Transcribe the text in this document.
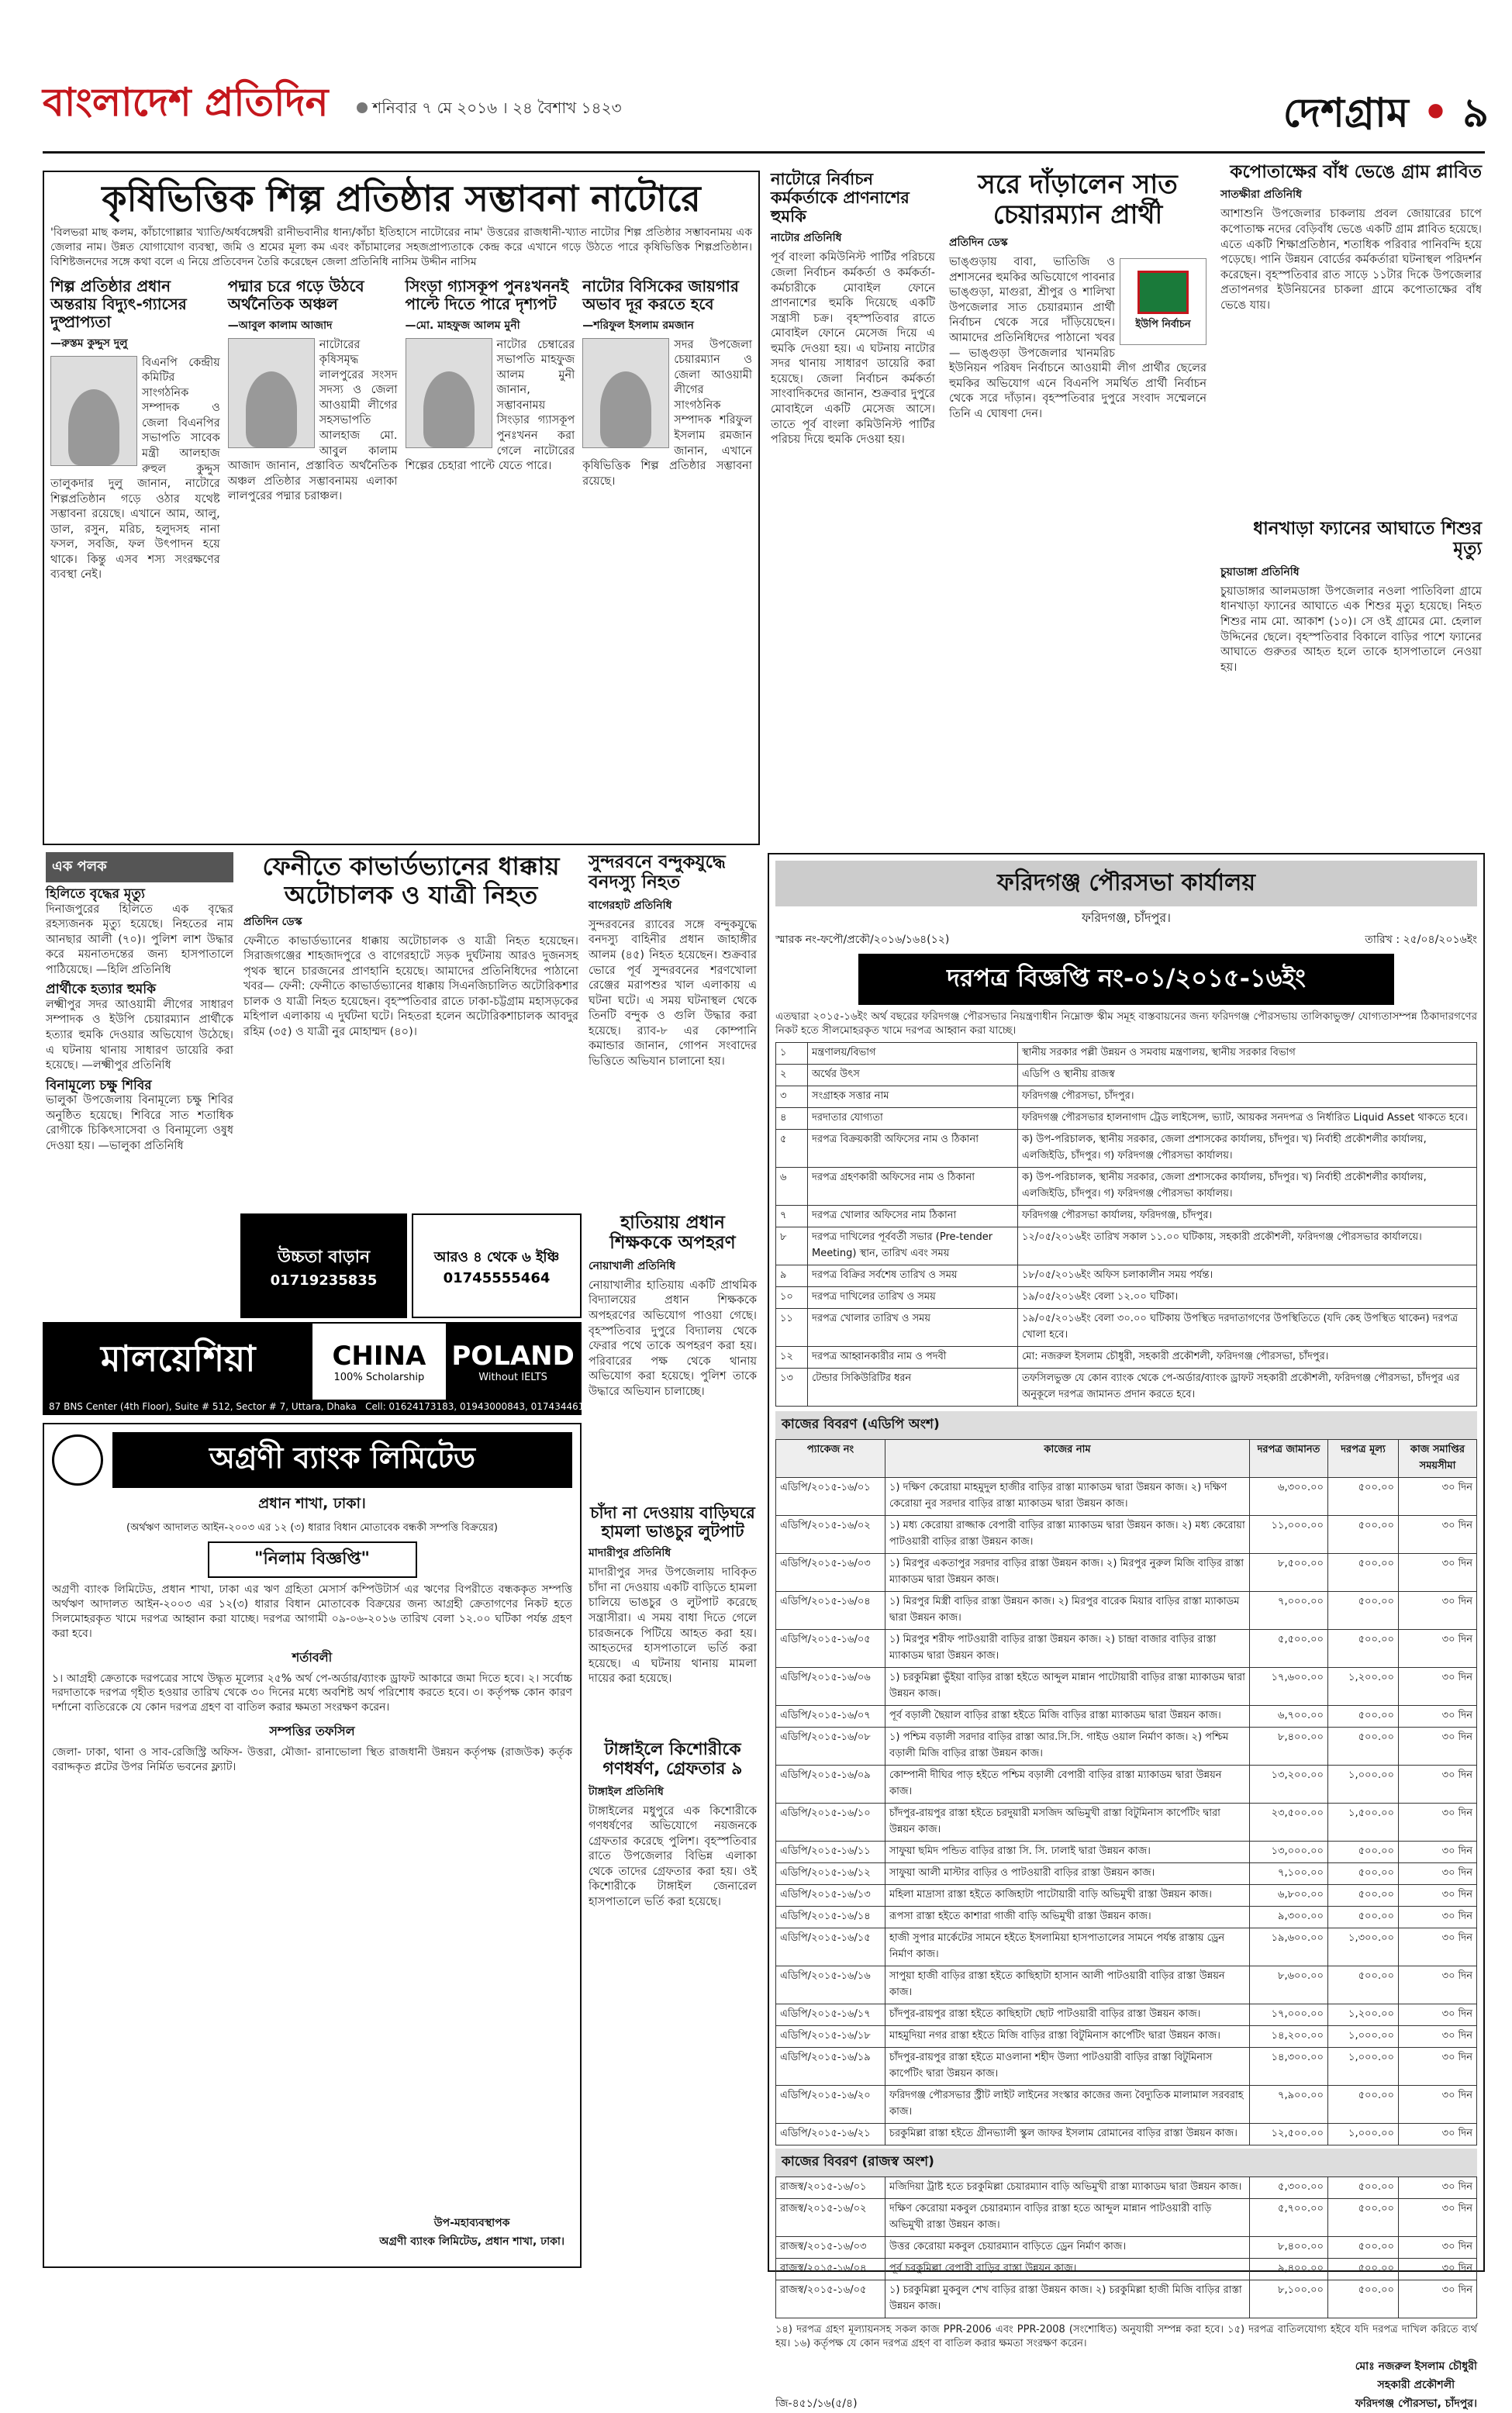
বাংলাদেশ প্রতিদিন	শনিবার ৭ মে ২০১৬ । ২৪ বৈশাখ ১৪২৩	দেশগ্রাম • ৯
কৃষিভিত্তিক শিল্প প্রতিষ্ঠার সম্ভাবনা নাটোরে
'বিলভরা মাছ কলম, কাঁচাগোল্লার খ্যাতি/অর্ধবঙ্গেশ্বরী রানীভবানীর ধান্য/কাঁচা ইতিহাসে নাটোরের নাম' উত্তরের রাজধানী-খ্যাত নাটোর শিল্প প্রতিষ্ঠার সম্ভাবনাময় এক জেলার নাম। উন্নত যোগাযোগ ব্যবস্থা, জমি ও শ্রমের মূল্য কম এবং কাঁচামালের সহজপ্রাপ্যতাকে কেন্দ্র করে এখানে গড়ে উঠতে পারে কৃষিভিত্তিক শিল্পপ্রতিষ্ঠান। বিশিষ্টজনদের সঙ্গে কথা বলে এ নিয়ে প্রতিবেদন তৈরি করেছেন জেলা প্রতিনিধি নাসিম উদ্দীন নাসিম
শিল্প প্রতিষ্ঠার প্রধান অন্তরায় বিদ্যুৎ-গ্যাসের দুষ্প্রাপ্যতা
—রুস্তম কুদ্দুস দুলু
বিএনপি কেন্দ্রীয় কমিটির সাংগঠনিক সম্পাদক ও জেলা বিএনপির সভাপতি সাবেক মন্ত্রী আলহাজ রুহুল কুদ্দুস তালুকদার দুলু জানান, নাটোরে শিল্পপ্রতিষ্ঠান গড়ে ওঠার যথেষ্ট সম্ভাবনা রয়েছে। এখানে আম, আলু, ডাল, রসুন, মরিচ, হলুদসহ নানা ফসল, সবজি, ফল উৎপাদন হয়ে থাকে। কিন্তু এসব শস্য সংরক্ষণের ব্যবস্থা নেই।
পদ্মার চরে গড়ে উঠবে অর্থনৈতিক অঞ্চল
—আবুল কালাম আজাদ
নাটোরের কৃষিসমৃদ্ধ লালপুরের সংসদ সদস্য ও জেলা আওয়ামী লীগের সহসভাপতি আলহাজ মো. আবুল কালাম আজাদ জানান, প্রস্তাবিত অর্থনৈতিক অঞ্চল প্রতিষ্ঠার সম্ভাবনাময় এলাকা লালপুরের পদ্মার চরাঞ্চল।
সিংড়া গ্যাসকূপ পুনঃখননই পাল্টে দিতে পারে দৃশ্যপট
—মো. মাহফুজ আলম মুনী
নাটোর চেম্বারের সভাপতি মাহফুজ আলম মুনী জানান, সম্ভাবনাময় সিংড়ার গ্যাসকূপ পুনঃখনন করা গেলে নাটোরের শিল্পের চেহারা পাল্টে যেতে পারে।
নাটোর বিসিকের জায়গার অভাব দূর করতে হবে
—শরিফুল ইসলাম রমজান
সদর উপজেলা চেয়ারম্যান ও জেলা আওয়ামী লীগের সাংগঠনিক সম্পাদক শরিফুল ইসলাম রমজান জানান, এখানে কৃষিভিত্তিক শিল্প প্রতিষ্ঠার সম্ভাবনা রয়েছে।
নাটোরে নির্বাচন কর্মকর্তাকে প্রাণনাশের হুমকি
নাটোর প্রতিনিধি
পূর্ব বাংলা কমিউনিস্ট পার্টির পরিচয়ে জেলা নির্বাচন কর্মকর্তা ও কর্মকর্তা-কর্মচারীকে মোবাইল ফোনে প্রাণনাশের হুমকি দিয়েছে একটি সন্ত্রাসী চক্র। বৃহস্পতিবার রাতে মোবাইল ফোনে মেসেজ দিয়ে এ হুমকি দেওয়া হয়। এ ঘটনায় নাটোর সদর থানায় সাধারণ ডায়েরি করা হয়েছে। জেলা নির্বাচন কর্মকর্তা সাংবাদিকদের জানান, শুক্রবার দুপুরে মোবাইলে একটি মেসেজ আসে। তাতে পূর্ব বাংলা কমিউনিস্ট পার্টির পরিচয় দিয়ে হুমকি দেওয়া হয়।
সরে দাঁড়ালেন সাত চেয়ারম্যান প্রার্থী
প্রতিদিন ডেস্ক
ইউপি নির্বাচন
ভাঙ্গুড়ায় বাবা, ভাতিজি ও প্রশাসনের হুমকির অভিযোগে পাবনার ভাঙ্গুড়া, মাগুরা, শ্রীপুর ও শালিখা উপজেলার সাত চেয়ারম্যান প্রার্থী নির্বাচন থেকে সরে দাঁড়িয়েছেন। আমাদের প্রতিনিধিদের পাঠানো খবর— ভাঙ্গুড়া উপজেলার খানমরিচ ইউনিয়ন পরিষদ নির্বাচনে আওয়ামী লীগ প্রার্থীর ছেলের হুমকির অভিযোগ এনে বিএনপি সমর্থিত প্রার্থী নির্বাচন থেকে সরে দাঁড়ান। বৃহস্পতিবার দুপুরে সংবাদ সম্মেলনে তিনি এ ঘোষণা দেন।
কপোতাক্ষের বাঁধ ভেঙে গ্রাম প্লাবিত
সাতক্ষীরা প্রতিনিধি
আশাশুনি উপজেলার চাকলায় প্রবল জোয়ারের চাপে কপোতাক্ষ নদের বেড়িবাঁধ ভেঙে একটি গ্রাম প্লাবিত হয়েছে। এতে একটি শিক্ষাপ্রতিষ্ঠান, শতাধিক পরিবার পানিবন্দি হয়ে পড়েছে। পানি উন্নয়ন বোর্ডের কর্মকর্তারা ঘটনাস্থল পরিদর্শন করেছেন। বৃহস্পতিবার রাত সাড়ে ১১টার দিকে উপজেলার প্রতাপনগর ইউনিয়নের চাকলা গ্রামে কপোতাক্ষের বাঁধ ভেঙে যায়।
ধানখাড়া ফ্যানের আঘাতে শিশুর মৃত্যু
চুয়াডাঙ্গা প্রতিনিধি
চুয়াডাঙ্গার আলমডাঙ্গা উপজেলার নওলা পাতিবিলা গ্রামে ধানখাড়া ফ্যানের আঘাতে এক শিশুর মৃত্যু হয়েছে। নিহত শিশুর নাম মো. আকাশ (১০)। সে ওই গ্রামের মো. হেলাল উদ্দিনের ছেলে। বৃহস্পতিবার বিকালে বাড়ির পাশে ফ্যানের আঘাতে গুরুতর আহত হলে তাকে হাসপাতালে নেওয়া হয়।
এক পলক
হিলিতে বৃদ্ধের মৃত্যু
দিনাজপুরের হিলিতে এক বৃদ্ধের রহস্যজনক মৃত্যু হয়েছে। নিহতের নাম আনছার আলী (৭০)। পুলিশ লাশ উদ্ধার করে ময়নাতদন্তের জন্য হাসপাতালে পাঠিয়েছে। —হিলি প্রতিনিধি
প্রার্থীকে হত্যার হুমকি
লক্ষ্মীপুর সদর আওয়ামী লীগের সাধারণ সম্পাদক ও ইউপি চেয়ারম্যান প্রার্থীকে হত্যার হুমকি দেওয়ার অভিযোগ উঠেছে। এ ঘটনায় থানায় সাধারণ ডায়েরি করা হয়েছে। —লক্ষ্মীপুর প্রতিনিধি
বিনামূল্যে চক্ষু শিবির
ভালুকা উপজেলায় বিনামূল্যে চক্ষু শিবির অনুষ্ঠিত হয়েছে। শিবিরে সাত শতাধিক রোগীকে চিকিৎসাসেবা ও বিনামূল্যে ওষুধ দেওয়া হয়। —ভালুকা প্রতিনিধি
ফেনীতে কাভার্ডভ্যানের ধাক্কায় অটোচালক ও যাত্রী নিহত
প্রতিদিন ডেস্ক
ফেনীতে কাভার্ডভ্যানের ধাক্কায় অটোচালক ও যাত্রী নিহত হয়েছেন। সিরাজগঞ্জের শাহজাদপুরে ও বাগেরহাটে সড়ক দুর্ঘটনায় আরও দুজনসহ পৃথক স্থানে চারজনের প্রাণহানি হয়েছে। আমাদের প্রতিনিধিদের পাঠানো খবর— ফেনী: ফেনীতে কাভার্ডভ্যানের ধাক্কায় সিএনজিচালিত অটোরিকশার চালক ও যাত্রী নিহত হয়েছেন। বৃহস্পতিবার রাতে ঢাকা-চট্টগ্রাম মহাসড়কের মহিপাল এলাকায় এ দুর্ঘটনা ঘটে। নিহতরা হলেন অটোরিকশাচালক আবদুর রহিম (৩৫) ও যাত্রী নুর মোহাম্মদ (৪০)।
সুন্দরবনে বন্দুকযুদ্ধে বনদস্যু নিহত
বাগেরহাট প্রতিনিধি
সুন্দরবনের র‌্যাবের সঙ্গে বন্দুকযুদ্ধে বনদস্যু বাহিনীর প্রধান জাহাঙ্গীর আলম (৪৫) নিহত হয়েছেন। শুক্রবার ভোরে পূর্ব সুন্দরবনের শরণখোলা রেঞ্জের মরাপশুর খাল এলাকায় এ ঘটনা ঘটে। এ সময় ঘটনাস্থল থেকে তিনটি বন্দুক ও গুলি উদ্ধার করা হয়েছে। র‌্যাব-৮ এর কোম্পানি কমান্ডার জানান, গোপন সংবাদের ভিত্তিতে অভিযান চালানো হয়।
উচ্চতা বাড়ান
01719235835
আরও ৪ থেকে ৬ ইঞ্চি
01745555464
হাতিয়ায় প্রধান শিক্ষককে অপহরণ
নোয়াখালী প্রতিনিধি
নোয়াখালীর হাতিয়ায় একটি প্রাথমিক বিদ্যালয়ের প্রধান শিক্ষককে অপহরণের অভিযোগ পাওয়া গেছে। বৃহস্পতিবার দুপুরে বিদ্যালয় থেকে ফেরার পথে তাকে অপহরণ করা হয়। পরিবারের পক্ষ থেকে থানায় অভিযোগ করা হয়েছে। পুলিশ তাকে উদ্ধারে অভিযান চালাচ্ছে।
মালয়েশিয়া	CHINA
100% Scholarship
POLAND
Without IELTS
87 BNS Center (4th Floor), Suite # 512, Sector # 7, Uttara, Dhaka Cell: 01624173183, 01943000843, 01743446123
অগ্রণী ব্যাংক লিমিটেড
প্রধান শাখা, ঢাকা।
(অর্থঋণ আদালত আইন-২০০৩ এর ১২ (৩) ধারার বিধান মোতাবেক বন্ধকী সম্পত্তি বিক্রয়ের)
"নিলাম বিজ্ঞপ্তি"
অগ্রণী ব্যাংক লিমিটেড, প্রধান শাখা, ঢাকা এর ঋণ গ্রহিতা মেসার্স কম্পিউটার্স এর ঋণের বিপরীতে বন্ধককৃত সম্পত্তি অর্থঋণ আদালত আইন-২০০৩ এর ১২(৩) ধারার বিধান মোতাবেক বিক্রয়ের জন্য আগ্রহী ক্রেতাগণের নিকট হতে সিলমোহরকৃত খামে দরপত্র আহ্বান করা যাচ্ছে। দরপত্র আগামী ০৯-০৬-২০১৬ তারিখ বেলা ১২.০০ ঘটিকা পর্যন্ত গ্রহণ করা হবে।
শর্তাবলী
১। আগ্রহী ক্রেতাকে দরপত্রের সাথে উদ্ধৃত মূল্যের ২৫% অর্থ পে-অর্ডার/ব্যাংক ড্রাফট আকারে জমা দিতে হবে। ২। সর্বোচ্চ দরদাতাকে দরপত্র গৃহীত হওয়ার তারিখ থেকে ৩০ দিনের মধ্যে অবশিষ্ট অর্থ পরিশোধ করতে হবে। ৩। কর্তৃপক্ষ কোন কারণ দর্শানো ব্যতিরেকে যে কোন দরপত্র গ্রহণ বা বাতিল করার ক্ষমতা সংরক্ষণ করেন।
সম্পত্তির তফসিল
জেলা- ঢাকা, থানা ও সাব-রেজিস্ট্রি অফিস- উত্তরা, মৌজা- রানাভোলা স্থিত রাজধানী উন্নয়ন কর্তৃপক্ষ (রাজউক) কর্তৃক বরাদ্দকৃত প্লটের উপর নির্মিত ভবনের ফ্ল্যাট।
উপ-মহাব্যবস্থাপক
অগ্রণী ব্যাংক লিমিটেড, প্রধান শাখা, ঢাকা।
চাঁদা না দেওয়ায় বাড়িঘরে হামলা ভাঙচুর লুটপাট
মাদারীপুর প্রতিনিধি
মাদারীপুর সদর উপজেলায় দাবিকৃত চাঁদা না দেওয়ায় একটি বাড়িতে হামলা চালিয়ে ভাঙচুর ও লুটপাট করেছে সন্ত্রাসীরা। এ সময় বাধা দিতে গেলে চারজনকে পিটিয়ে আহত করা হয়। আহতদের হাসপাতালে ভর্তি করা হয়েছে। এ ঘটনায় থানায় মামলা দায়ের করা হয়েছে।
টাঙ্গাইলে কিশোরীকে গণধর্ষণ, গ্রেফতার ৯
টাঙ্গাইল প্রতিনিধি
টাঙ্গাইলের মধুপুরে এক কিশোরীকে গণধর্ষণের অভিযোগে নয়জনকে গ্রেফতার করেছে পুলিশ। বৃহস্পতিবার রাতে উপজেলার বিভিন্ন এলাকা থেকে তাদের গ্রেফতার করা হয়। ওই কিশোরীকে টাঙ্গাইল জেনারেল হাসপাতালে ভর্তি করা হয়েছে।
ফরিদগঞ্জ পৌরসভা কার্যালয়
ফরিদগঞ্জ, চাঁদপুর।
স্মারক নং-ফপৌ/প্রকৌ/২০১৬/১৬৪(১২)	তারিখ : ২৫/০৪/২০১৬ইং
দরপত্র বিজ্ঞপ্তি নং-০১/২০১৫-১৬ইং
এতদ্বারা ২০১৫-১৬ইং অর্থ বছরের ফরিদগঞ্জ পৌরসভার নিয়ন্ত্রণাধীন নিম্নোক্ত স্কীম সমূহ বাস্তবায়নের জন্য ফরিদগঞ্জ পৌরসভায় তালিকাভুক্ত/ যোগ্যতাসম্পন্ন ঠিকাদারগণের নিকট হতে সীলমোহরকৃত খামে দরপত্র আহ্বান করা যাচ্ছে।
১	মন্ত্রণালয়/বিভাগ	স্থানীয় সরকার পল্লী উন্নয়ন ও সমবায় মন্ত্রণালয়, স্থানীয় সরকার বিভাগ
২	অর্থের উৎস	এডিপি ও স্থানীয় রাজস্ব
৩	সংগ্রাহক সত্তার নাম	ফরিদগঞ্জ পৌরসভা, চাঁদপুর।
৪	দরদাতার যোগ্যতা	ফরিদগঞ্জ পৌরসভার হালনাগাদ ট্রেড লাইসেন্স, ভ্যাট, আয়কর সনদপত্র ও নির্ধারিত Liquid Asset থাকতে হবে।
৫	দরপত্র বিক্রয়কারী অফিসের নাম ও ঠিকানা	ক) উপ-পরিচালক, স্থানীয় সরকার, জেলা প্রশাসকের কার্যালয়, চাঁদপুর। খ) নির্বাহী প্রকৌশলীর কার্যালয়, এলজিইডি, চাঁদপুর। গ) ফরিদগঞ্জ পৌরসভা কার্যালয়।
৬	দরপত্র গ্রহণকারী অফিসের নাম ও ঠিকানা	ক) উপ-পরিচালক, স্থানীয় সরকার, জেলা প্রশাসকের কার্যালয়, চাঁদপুর। খ) নির্বাহী প্রকৌশলীর কার্যালয়, এলজিইডি, চাঁদপুর। গ) ফরিদগঞ্জ পৌরসভা কার্যালয়।
৭	দরপত্র খোলার অফিসের নাম ঠিকানা	ফরিদগঞ্জ পৌরসভা কার্যালয়, ফরিদগঞ্জ, চাঁদপুর।
৮	দরপত্র দাখিলের পূর্ববর্তী সভার (Pre-tender Meeting) স্থান, তারিখ এবং সময়	১২/০৫/২০১৬ইং তারিখ সকাল ১১.০০ ঘটিকায়, সহকারী প্রকৌশলী, ফরিদগঞ্জ পৌরসভার কার্যালয়ে।
৯	দরপত্র বিক্রির সর্বশেষ তারিখ ও সময়	১৮/০৫/২০১৬ইং অফিস চলাকালীন সময় পর্যন্ত।
১০	দরপত্র দাখিলের তারিখ ও সময়	১৯/০৫/২০১৬ইং বেলা ১২.০০ ঘটিকা।
১১	দরপত্র খোলার তারিখ ও সময়	১৯/০৫/২০১৬ইং বেলা ৩০.০০ ঘটিকায় উপস্থিত দরদাতাগণের উপস্থিতিতে (যদি কেহ উপস্থিত থাকেন) দরপত্র খোলা হবে।
১২	দরপত্র আহ্বানকারীর নাম ও পদবী	মো: নজরুল ইসলাম চৌধুরী, সহকারী প্রকৌশলী, ফরিদগঞ্জ পৌরসভা, চাঁদপুর।
১৩	টেন্ডার সিকিউরিটির ধরন	তফসিলভুক্ত যে কোন ব্যাংক থেকে পে-অর্ডার/ব্যাংক ড্রাফট সহকারী প্রকৌশলী, ফরিদগঞ্জ পৌরসভা, চাঁদপুর এর অনুকূলে দরপত্র জামানত প্রদান করতে হবে।
কাজের বিবরণ (এডিপি অংশ)
প্যাকেজ নং	কাজের নাম	দরপত্র জামানত	দরপত্র মূল্য	কাজ সমাপ্তির সময়সীমা
এডিপি/২০১৫-১৬/০১	১) দক্ষিণ কেরোয়া মাহমুদুল হাজীর বাড়ির রাস্তা ম্যাকাডম দ্বারা উন্নয়ন কাজ। ২) দক্ষিণ কেরোয়া নুর সরদার বাড়ির রাস্তা ম্যাকাডম দ্বারা উন্নয়ন কাজ।	৬,৩০০.০০	৫০০.০০	৩০ দিন
এডিপি/২০১৫-১৬/০২	১) মধ্য কেরোয়া রাজ্জাক বেপারী বাড়ির রাস্তা ম্যাকাডম দ্বারা উন্নয়ন কাজ। ২) মধ্য কেরোয়া পাটওয়ারী বাড়ির রাস্তা উন্নয়ন কাজ।	১১,০০০.০০	৫০০.০০	৩০ দিন
এডিপি/২০১৫-১৬/০৩	১) মিরপুর একতাপুর সরদার বাড়ির রাস্তা উন্নয়ন কাজ। ২) মিরপুর নুরুল মিজি বাড়ির রাস্তা ম্যাকাডম দ্বারা উন্নয়ন কাজ।	৮,৫০০.০০	৫০০.০০	৩০ দিন
এডিপি/২০১৫-১৬/০৪	১) মিরপুর মিস্ত্রী বাড়ির রাস্তা উন্নয়ন কাজ। ২) মিরপুর বারেক মিয়ার বাড়ির রাস্তা ম্যাকাডম দ্বারা উন্নয়ন কাজ।	৭,০০০.০০	৫০০.০০	৩০ দিন
এডিপি/২০১৫-১৬/০৫	১) মিরপুর শরীফ পাটওয়ারী বাড়ির রাস্তা উন্নয়ন কাজ। ২) চান্দ্রা বাজার বাড়ির রাস্তা ম্যাকাডম দ্বারা উন্নয়ন কাজ।	৫,৫০০.০০	৫০০.০০	৩০ দিন
এডিপি/২০১৫-১৬/০৬	১) চরকুমিল্লা ভুঁইয়া বাড়ির রাস্তা হইতে আব্দুল মান্নান পাটোয়ারী বাড়ির রাস্তা ম্যাকাডম দ্বারা উন্নয়ন কাজ।	১৭,৬০০.০০	১,২০০.০০	৩০ দিন
এডিপি/২০১৫-১৬/০৭	পূর্ব বড়ালী ছৈয়াল বাড়ির রাস্তা হইতে মিজি বাড়ির রাস্তা ম্যাকাডম দ্বারা উন্নয়ন কাজ।	৬,৭০০.০০	৫০০.০০	৩০ দিন
এডিপি/২০১৫-১৬/০৮	১) পশ্চিম বড়ালী সরদার বাড়ির রাস্তা আর.সি.সি. গাইড ওয়াল নির্মাণ কাজ। ২) পশ্চিম বড়ালী মিজি বাড়ির রাস্তা উন্নয়ন কাজ।	৮,৪০০.০০	৫০০.০০	৩০ দিন
এডিপি/২০১৫-১৬/০৯	কোম্পানী দীঘির পাড় হইতে পশ্চিম বড়ালী বেপারী বাড়ির রাস্তা ম্যাকাডম দ্বারা উন্নয়ন কাজ।	১৩,২০০.০০	১,০০০.০০	৩০ দিন
এডিপি/২০১৫-১৬/১০	চাঁদপুর-রায়পুর রাস্তা হইতে চরদুয়ারী মসজিদ অভিমুখী রাস্তা বিটুমিনাস কার্পেটিং দ্বারা উন্নয়ন কাজ।	২৩,৫০০.০০	১,৫০০.০০	৩০ দিন
এডিপি/২০১৫-১৬/১১	সাফুয়া ছমিদ পন্ডিত বাড়ির রাস্তা সি. সি. ঢালাই দ্বারা উন্নয়ন কাজ।	১৩,০০০.০০	৫০০.০০	৩০ দিন
এডিপি/২০১৫-১৬/১২	সাফুয়া আলী মাস্টার বাড়ির ও পাটওয়ারী বাড়ির রাস্তা উন্নয়ন কাজ।	৭,১০০.০০	৫০০.০০	৩০ দিন
এডিপি/২০১৫-১৬/১৩	মহিলা মাদ্রাসা রাস্তা হইতে কাজিহাটা পাটোয়ারী বাড়ি অভিমুখী রাস্তা উন্নয়ন কাজ।	৬,৮০০.০০	৫০০.০০	৩০ দিন
এডিপি/২০১৫-১৬/১৪	রূপসা রাস্তা হইতে কাশারা গাজী বাড়ি অভিমুখী রাস্তা উন্নয়ন কাজ।	৯,৩০০.০০	৫০০.০০	৩০ দিন
এডিপি/২০১৫-১৬/১৫	হাজী সুপার মার্কেটের সামনে হইতে ইসলামিয়া হাসপাতালের সামনে পর্যন্ত রাস্তায় ড্রেন নির্মাণ কাজ।	১৯,৬০০.০০	১,৩০০.০০	৩০ দিন
এডিপি/২০১৫-১৬/১৬	সাপুয়া হাজী বাড়ির রাস্তা হইতে কাছিহাটা হাসান আলী পাটওয়ারী বাড়ির রাস্তা উন্নয়ন কাজ।	৮,৬০০.০০	৫০০.০০	৩০ দিন
এডিপি/২০১৫-১৬/১৭	চাঁদপুর-রায়পুর রাস্তা হইতে কাছিহাটা ছোট পাটওয়ারী বাড়ির রাস্তা উন্নয়ন কাজ।	১৭,০০০.০০	১,২০০.০০	৩০ দিন
এডিপি/২০১৫-১৬/১৮	মাহমুদিয়া নগর রাস্তা হইতে মিজি বাড়ির রাস্তা বিটুমিনাস কার্পেটিং দ্বারা উন্নয়ন কাজ।	১৪,২০০.০০	১,০০০.০০	৩০ দিন
এডিপি/২০১৫-১৬/১৯	চাঁদপুর-রায়পুর রাস্তা হইতে মাওলানা শহীদ উল্যা পাটওয়ারী বাড়ির রাস্তা বিটুমিনাস কার্পেটিং দ্বারা উন্নয়ন কাজ।	১৪,৩০০.০০	১,০০০.০০	৩০ দিন
এডিপি/২০১৫-১৬/২০	ফরিদগঞ্জ পৌরসভার স্ট্রীট লাইট লাইনের সংস্কার কাজের জন্য বৈদ্যুতিক মালামাল সরবরাহ কাজ।	৭,৯০০.০০	৫০০.০০	৩০ দিন
এডিপি/২০১৫-১৬/২১	চরকুমিল্লা রাস্তা হইতে গ্রীনভ্যালী স্কুল জাফর ইসলাম রোমানের বাড়ির রাস্তা উন্নয়ন কাজ।	১২,৫০০.০০	১,০০০.০০	৩০ দিন
কাজের বিবরণ (রাজস্ব অংশ)
রাজস্ব/২০১৫-১৬/০১	মজিদিয়া ট্রাষ্ট হতে চরকুমিল্লা চেয়ারম্যান বাড়ি অভিমুখী রাস্তা ম্যাকাডম দ্বারা উন্নয়ন কাজ।	৫,৩০০.০০	৫০০.০০	৩০ দিন
রাজস্ব/২০১৫-১৬/০২	দক্ষিণ কেরোয়া মকবুল চেয়ারম্যান বাড়ির রাস্তা হতে আব্দুল মান্নান পাটওয়ারী বাড়ি অভিমুখী রাস্তা উন্নয়ন কাজ।	৫,৭০০.০০	৫০০.০০	৩০ দিন
রাজস্ব/২০১৫-১৬/০৩	উত্তর কেরোয়া মকবুল চেয়ারম্যান বাড়িতে ড্রেন নির্মাণ কাজ।	৮,৪০০.০০	৫০০.০০	৩০ দিন
রাজস্ব/২০১৫-১৬/০৪	পূর্ব চরকুমিল্লা বেপারী বাড়ির রাস্তা উন্নয়ন কাজ।	৯,৪০০.০০	৫০০.০০	৩০ দিন
রাজস্ব/২০১৫-১৬/০৫	১) চরকুমিল্লা মুকবুল শেখ বাড়ির রাস্তা উন্নয়ন কাজ। ২) চরকুমিল্লা হাজী মিজি বাড়ির রাস্তা উন্নয়ন কাজ।	৮,১০০.০০	৫০০.০০	৩০ দিন
১৪) দরপত্র গ্রহণ মূল্যায়নসহ সকল কাজ PPR-2006 এবং PPR-2008 (সংশোধিত) অনুযায়ী সম্পন্ন করা হবে। ১৫) দরপত্র বাতিলযোগ্য হইবে যদি দরপত্র দাখিল করিতে ব্যর্থ হয়। ১৬) কর্তৃপক্ষ যে কোন দরপত্র গ্রহণ বা বাতিল করার ক্ষমতা সংরক্ষণ করেন।
জি-৪৫১/১৬(৫/৪)
মোঃ নজরুল ইসলাম চৌধুরী
সহকারী প্রকৌশলী
ফরিদগঞ্জ পৌরসভা, চাঁদপুর।
